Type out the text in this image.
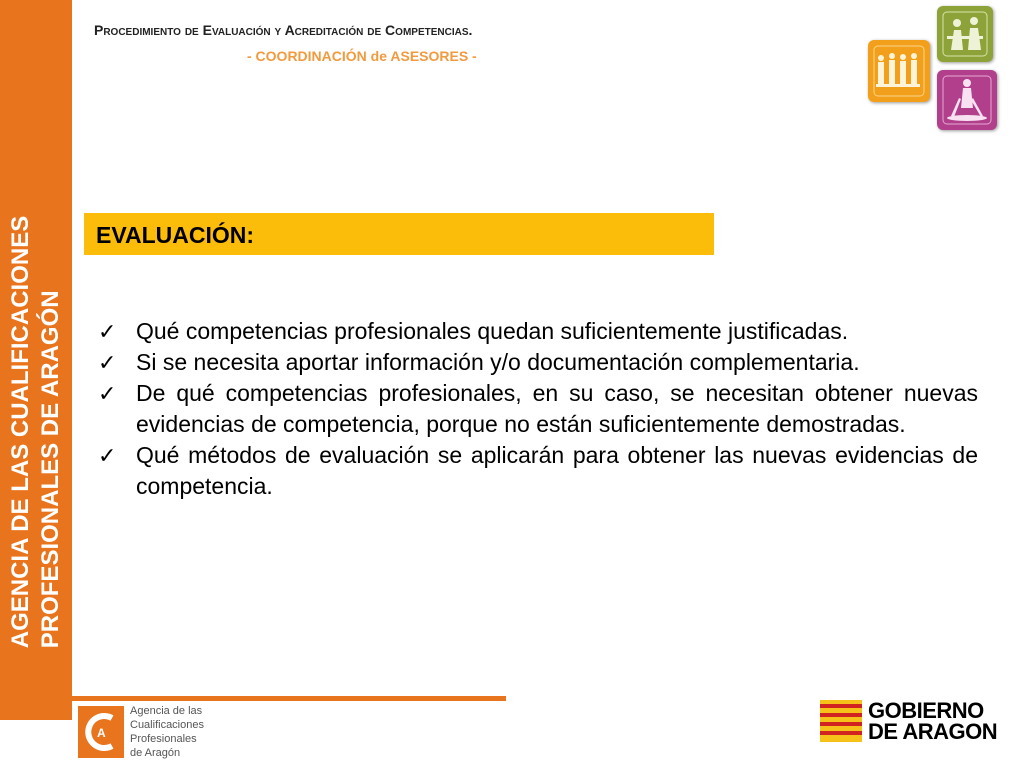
AGENCIA DE LAS CUALIFICACIONES PROFESIONALES DE ARAGÓN
Procedimiento de Evaluación y Acreditación de Competencias.
- COORDINACIÓN de ASESORES -
EVALUACIÓN:
✓ Qué competencias profesionales quedan suficientemente justificadas.
✓ Si se necesita aportar información y/o documentación complementaria.
✓ De qué competencias profesionales, en su caso, se necesitan obtener nuevas evidencias de competencia, porque no están suficientemente demostradas.
✓ Qué métodos de evaluación se aplicarán para obtener las nuevas evidencias de competencia.
A
Agencia de las
Cualificaciones
Profesionales
de Aragón
GOBIERNO
DE ARAGON
